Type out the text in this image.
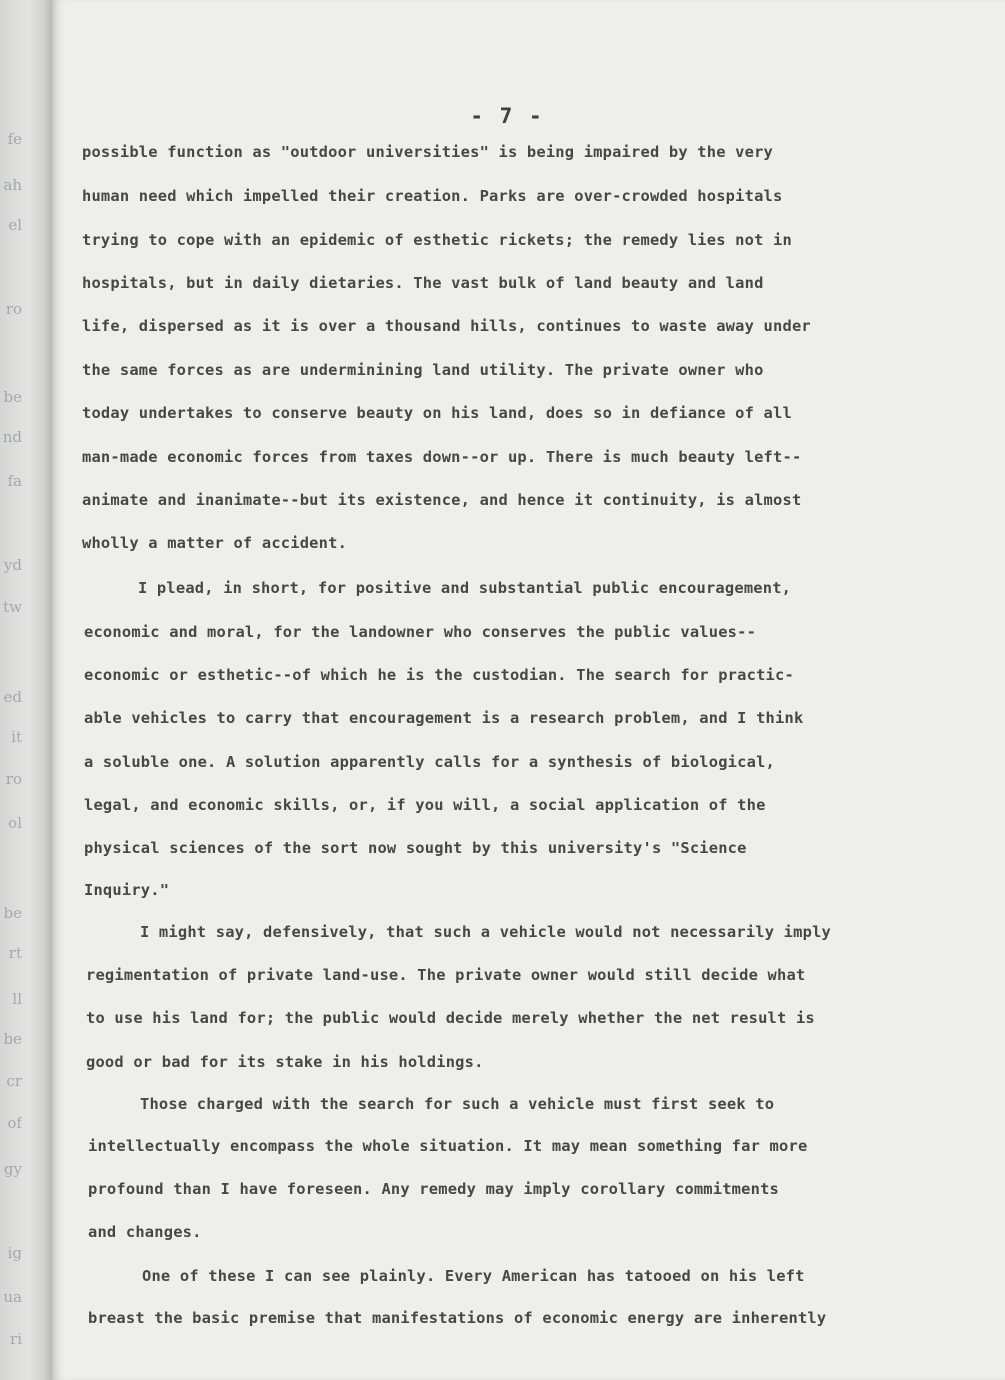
fe
ah
el
ro
be
nd
fa
yd
tw
ed
it
ro
ol
be
rt
ll
be
cr
of
gy
ig
ua
ri
- 7 -
possible function as "outdoor universities" is being impaired by the very
human need which impelled their creation. Parks are over-crowded hospitals
trying to cope with an epidemic of esthetic rickets; the remedy lies not in
hospitals, but in daily dietaries. The vast bulk of land beauty and land
life, dispersed as it is over a thousand hills, continues to waste away under
the same forces as are underminining land utility. The private owner who
today undertakes to conserve beauty on his land, does so in defiance of all
man-made economic forces from taxes down--or up. There is much beauty left--
animate and inanimate--but its existence, and hence it continuity, is almost
wholly a matter of accident.
I plead, in short, for positive and substantial public encouragement,
economic and moral, for the landowner who conserves the public values--
economic or esthetic--of which he is the custodian. The search for practic-
able vehicles to carry that encouragement is a research problem, and I think
a soluble one. A solution apparently calls for a synthesis of biological,
legal, and economic skills, or, if you will, a social application of the
physical sciences of the sort now sought by this university's "Science
Inquiry."
I might say, defensively, that such a vehicle would not necessarily imply
regimentation of private land-use. The private owner would still decide what
to use his land for; the public would decide merely whether the net result is
good or bad for its stake in his holdings.
Those charged with the search for such a vehicle must first seek to
intellectually encompass the whole situation. It may mean something far more
profound than I have foreseen. Any remedy may imply corollary commitments
and changes.
One of these I can see plainly. Every American has tatooed on his left
breast the basic premise that manifestations of economic energy are inherently
